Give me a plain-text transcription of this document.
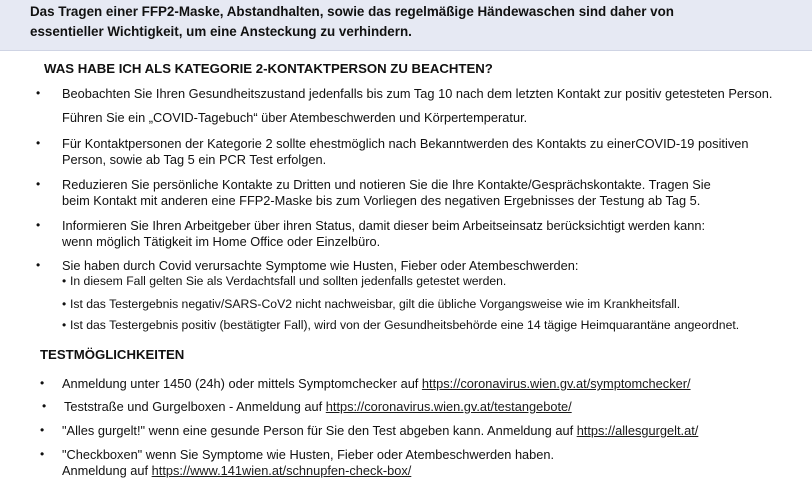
Das Tragen einer FFP2-Maske, Abstandhalten, sowie das regelmäßige Händewaschen sind daher von
essentieller Wichtigkeit, um eine Ansteckung zu verhindern.
WAS HABE ICH ALS KATEGORIE 2-KONTAKTPERSON ZU BEACHTEN?
• Beobachten Sie Ihren Gesundheitszustand jedenfalls bis zum Tag 10 nach dem letzten Kontakt zur positiv getesteten Person.
Führen Sie ein „COVID-Tagebuch“ über Atembeschwerden und Körpertemperatur.
• Für Kontaktpersonen der Kategorie 2 sollte ehestmöglich nach Bekanntwerden des Kontakts zu einerCOVID-19 positiven
Person, sowie ab Tag 5 ein PCR Test erfolgen.
• Reduzieren Sie persönliche Kontakte zu Dritten und notieren Sie die Ihre Kontakte/Gesprächskontakte. Tragen Sie
beim Kontakt mit anderen eine FFP2-Maske bis zum Vorliegen des negativen Ergebnisses der Testung ab Tag 5.
• Informieren Sie Ihren Arbeitgeber über ihren Status, damit dieser beim Arbeitseinsatz berücksichtigt werden kann:
wenn möglich Tätigkeit im Home Office oder Einzelbüro.
• Sie haben durch Covid verursachte Symptome wie Husten, Fieber oder Atembeschwerden:
• In diesem Fall gelten Sie als Verdachtsfall und sollten jedenfalls getestet werden.
• Ist das Testergebnis negativ/SARS-CoV2 nicht nachweisbar, gilt die übliche Vorgangsweise wie im Krankheitsfall.
• Ist das Testergebnis positiv (bestätigter Fall), wird von der Gesundheitsbehörde eine 14 tägige Heimquarantäne angeordnet.
TESTMÖGLICHKEITEN
• Anmeldung unter 1450 (24h) oder mittels Symptomchecker auf https://coronavirus.wien.gv.at/symptomchecker/
• Teststraße und Gurgelboxen - Anmeldung auf https://coronavirus.wien.gv.at/testangebote/
• "Alles gurgelt!" wenn eine gesunde Person für Sie den Test abgeben kann. Anmeldung auf https://allesgurgelt.at/
• "Checkboxen" wenn Sie Symptome wie Husten, Fieber oder Atembeschwerden haben.
Anmeldung auf https://www.141wien.at/schnupfen-check-box/
